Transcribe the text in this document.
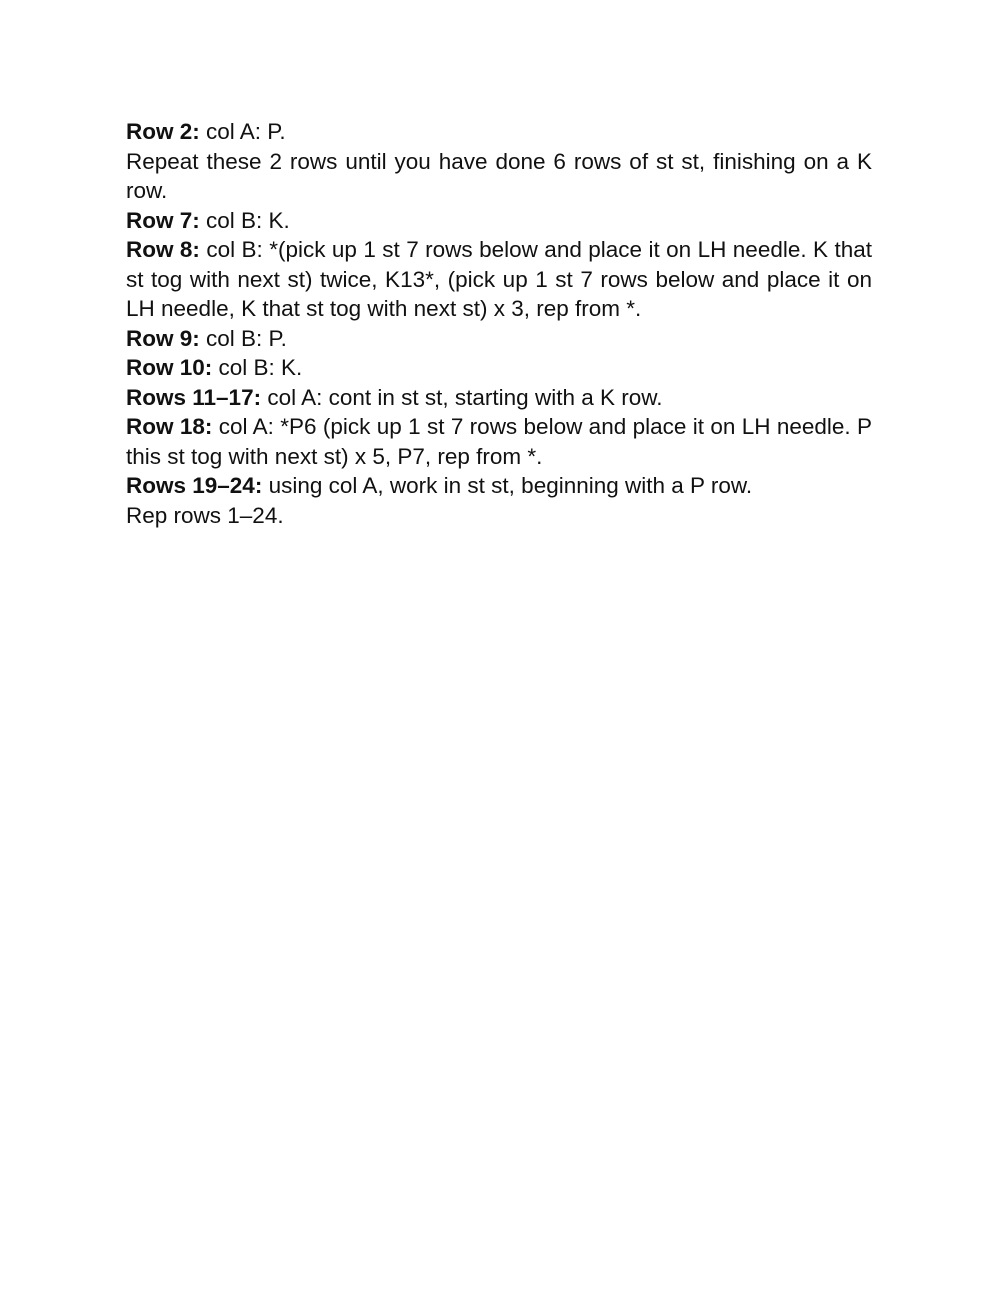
Row 2: col A: P.

Repeat these 2 rows until you have done 6 rows of st st, finishing on a K row.

Row 7: col B: K.

Row 8: col B: *(pick up 1 st 7 rows below and place it on LH needle. K that st tog with next st) twice, K13*, (pick up 1 st 7 rows below and place it on LH needle, K that st tog with next st) x 3, rep from *.

Row 9: col B: P.

Row 10: col B: K.

Rows 11–17: col A: cont in st st, starting with a K row.

Row 18: col A: *P6 (pick up 1 st 7 rows below and place it on LH needle. P this st tog with next st) x 5, P7, rep from *.

Rows 19–24: using col A, work in st st, beginning with a P row.

Rep rows 1–24.
